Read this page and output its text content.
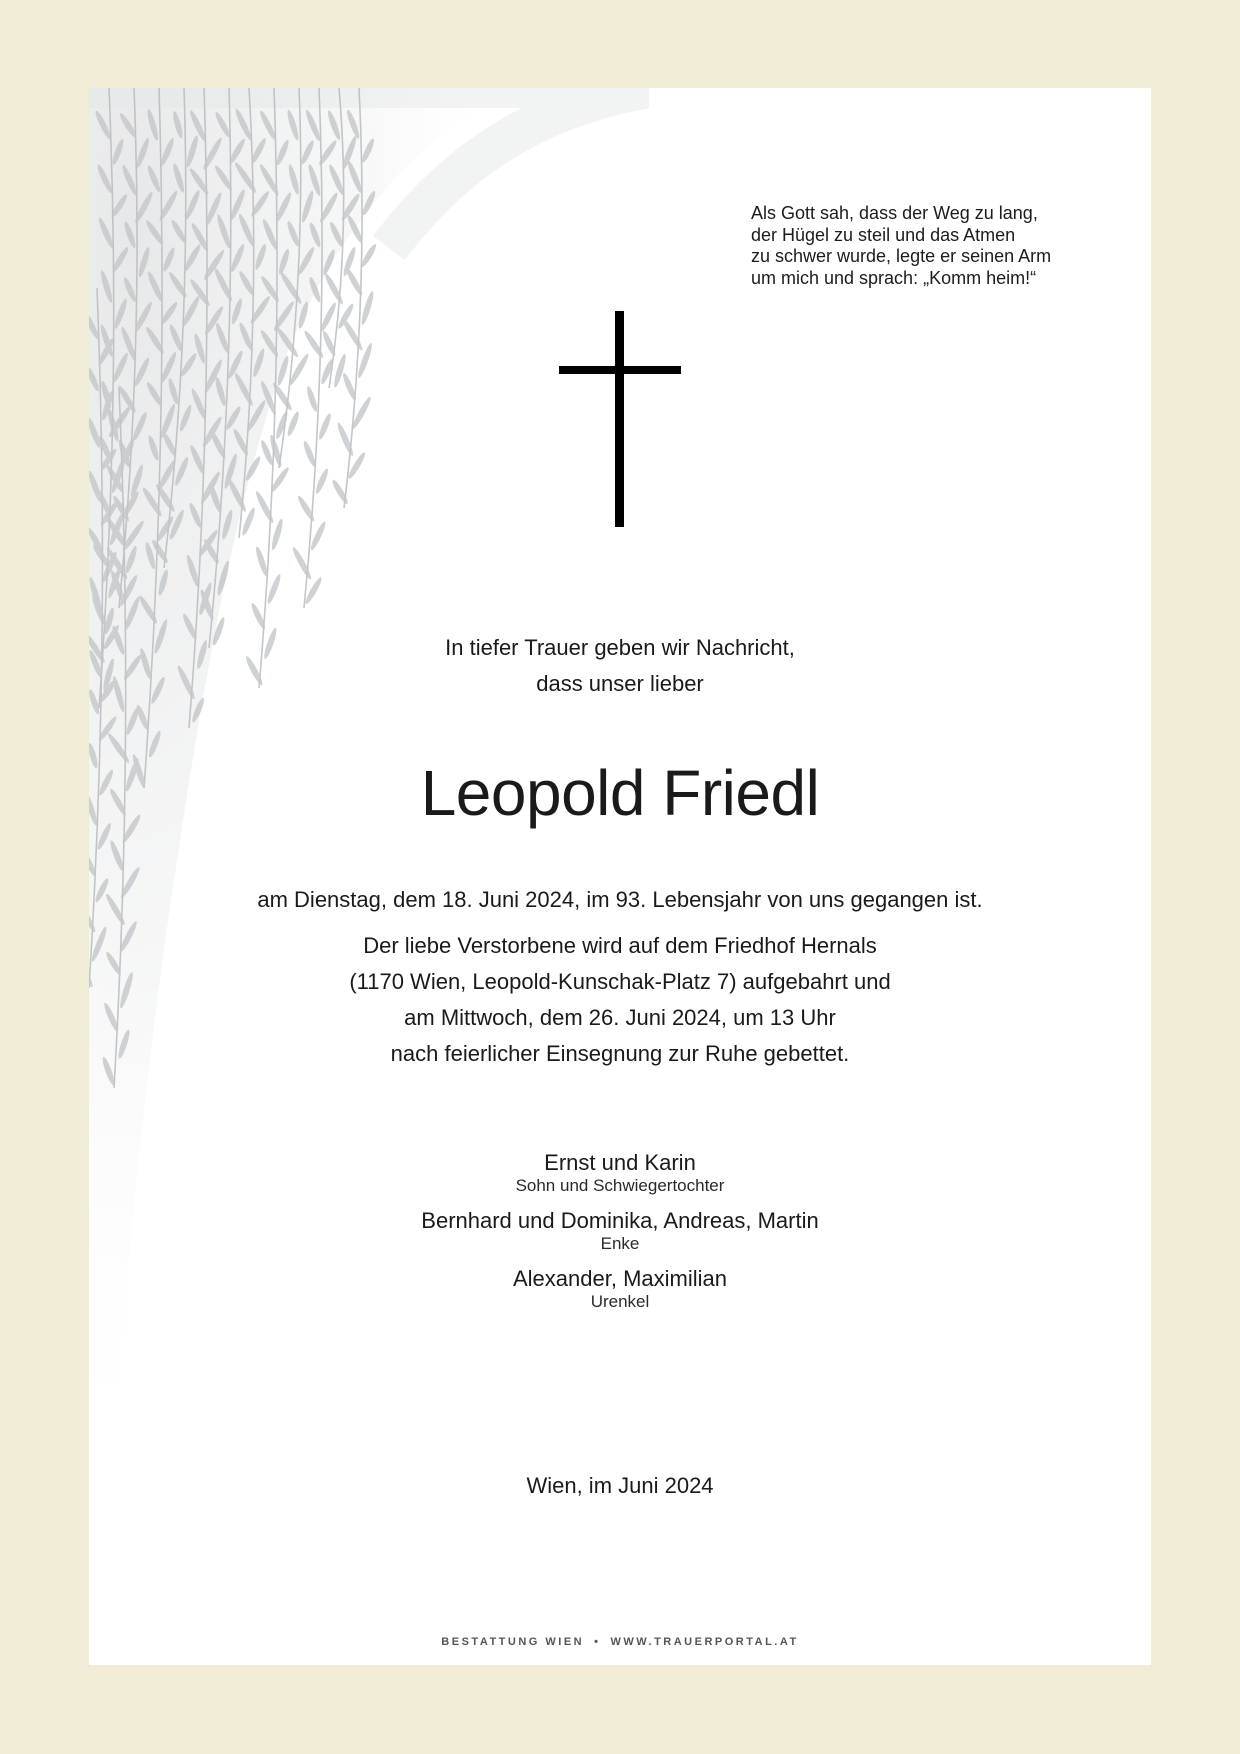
Als Gott sah, dass der Weg zu lang,
der Hügel zu steil und das Atmen
zu schwer wurde, legte er seinen Arm
um mich und sprach: „Komm heim!“
In tiefer Trauer geben wir Nachricht,
dass unser lieber
Leopold Friedl
am Dienstag, dem 18. Juni 2024, im 93. Lebensjahr von uns gegangen ist.
Der liebe Verstorbene wird auf dem Friedhof Hernals
(1170 Wien, Leopold-Kunschak-Platz 7) aufgebahrt und
am Mittwoch, dem 26. Juni 2024, um 13 Uhr
nach feierlicher Einsegnung zur Ruhe gebettet.
Ernst und Karin
Sohn und Schwiegertochter
Bernhard und Dominika, Andreas, Martin
Enke
Alexander, Maximilian
Urenkel
Wien, im Juni 2024
BESTATTUNG WIEN • WWW.TRAUERPORTAL.AT
